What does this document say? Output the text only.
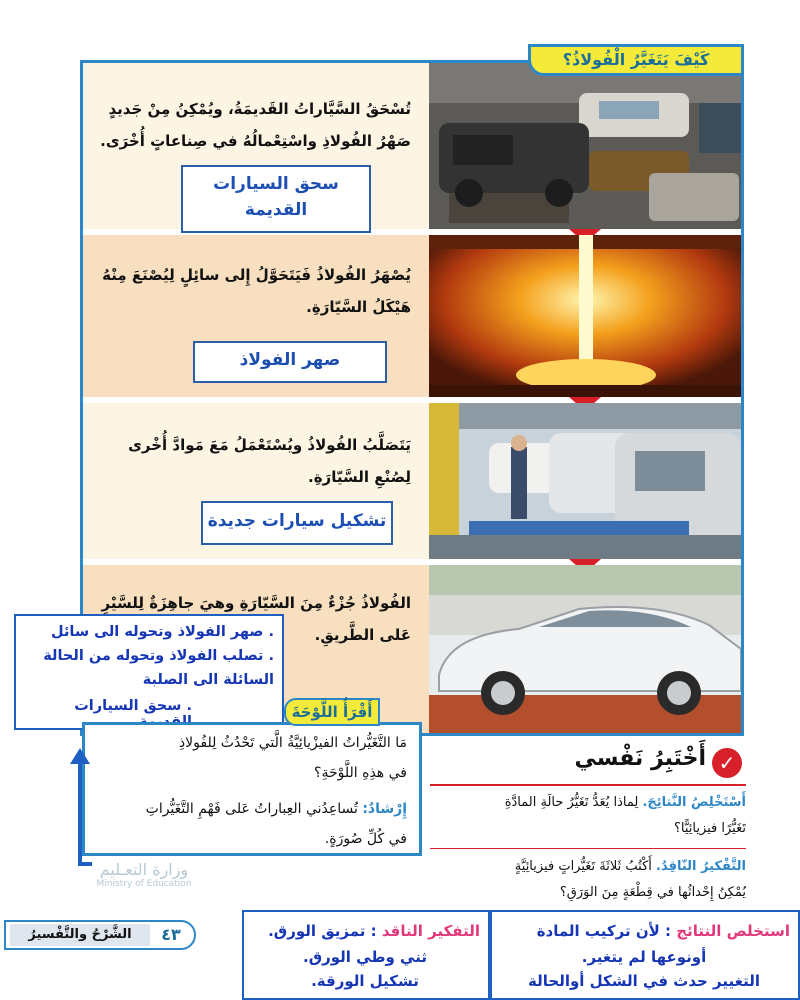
تُسْحَقُ السَّيَّاراتُ القَديمَةُ، ويُمْكِنُ مِنْ جَديدٍ صَهْرُ الفُولاذِ واسْتِعْمالُهُ في صِناعاتٍ أُخْرَى.
سحق السيارات
القديمة
يُصْهَرُ الفُولاذُ فَيَتَحَوَّلُ إِلى سائِلٍ لِيُصْنَعَ مِنْهُ هَيْكَلُ السَّيّارَةِ.
صهر الفولاذ
يَتَصَلَّبُ الفُولاذُ ويُسْتَعْمَلُ مَعَ مَوادَّ أُخْرى لِصُنْعِ السَّيّارَةِ.
تشكيل سيارات جديدة
الفُولاذُ جُزْءٌ مِنَ السَّيّارَةِ وهيَ جاهِزَةٌ لِلسَّيْرِ عَلى الطَّريقِ.
كَيْفَ يَتَغَيَّرُ الْفُولاذُ؟
. صهر الفولاذ وتحوله الى سائل
. تصلب الفولاذ وتحوله من الحالة
السائلة الى الصلبة
. سحق السيارات
مَا التَّغَيُّراتُ الفيزْيائِيَّةُ الَّتي تَحْدُثُ لِلفُولاذِ
في هذِهِ اللَّوْحَةِ؟
إِرْشادٌ: تُساعِدُني العِباراتُ عَلى فَهْمِ التَّغَيُّراتِ
في كُلِّ صُورَةٍ.
أَقْرَأُ اللَّوْحَةَ
✓
أَخْتَبِرُ نَفْسي
أَسْتَخْلِصُ النَّتائِجَ. لِماذا يُعَدُّ تَغَيُّرُ حالَةِ المادَّةِ
تَغَيُّرًا فيزيائِيًّا؟
التَّفْكيرُ النّاقِدُ. أَكْتُبُ ثَلاثَةَ تَغَيُّراتٍ فيزيائِيَّةٍ
يُمْكِنُ إِحْداثُها في قِطْعَةٍ مِنَ الوَرَقِ؟
وزارة التعـليم
Ministry of Education
الشَّرْحُ والتَّفْسيرُ	٤٣	التفكير الناقد : تمزيق الورق.
ثني وطي الورق.
تشكيل الورقة.
استخلص النتائج : لأن تركيب المادة
أونوعها لم يتغير.
التغيير حدث في الشكل أوالحالة
